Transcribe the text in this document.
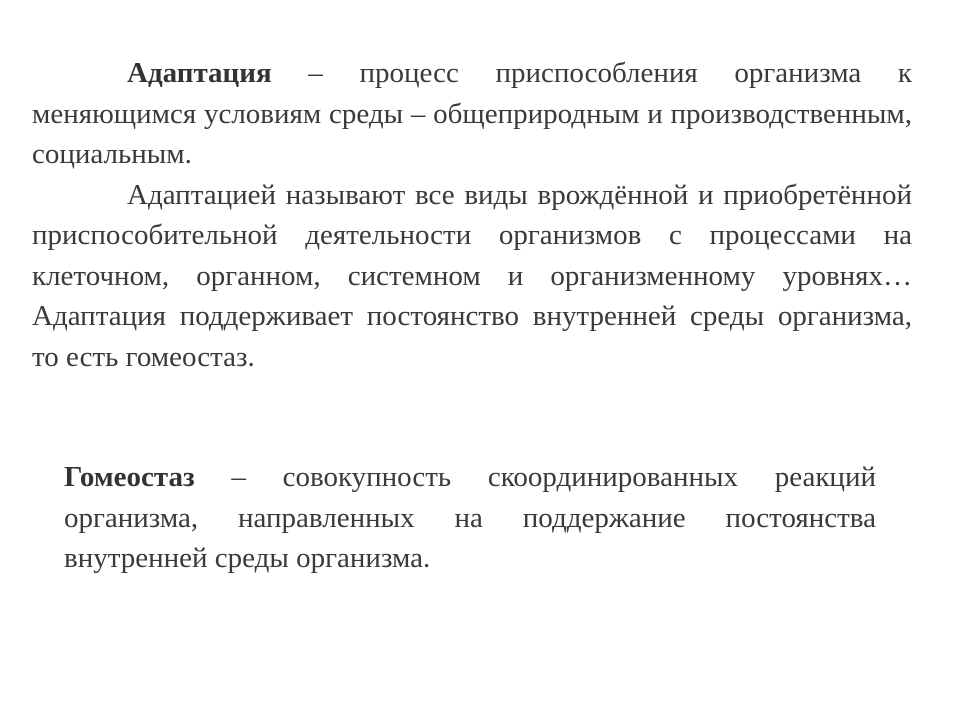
Адаптация – процесс приспособления организма к меняющимся условиям среды – общеприродным и производственным, социальным.

Адаптацией называют все виды врождённой и приобретённой приспособительной деятельности организмов с процессами на клеточном, органном, системном и организменному уровнях… Адаптация поддерживает постоянство внутренней среды организма, то есть гомеостаз.

Гомеостаз – совокупность скоординированных реакций организма, направленных на поддержание постоянства внутренней среды организма.
